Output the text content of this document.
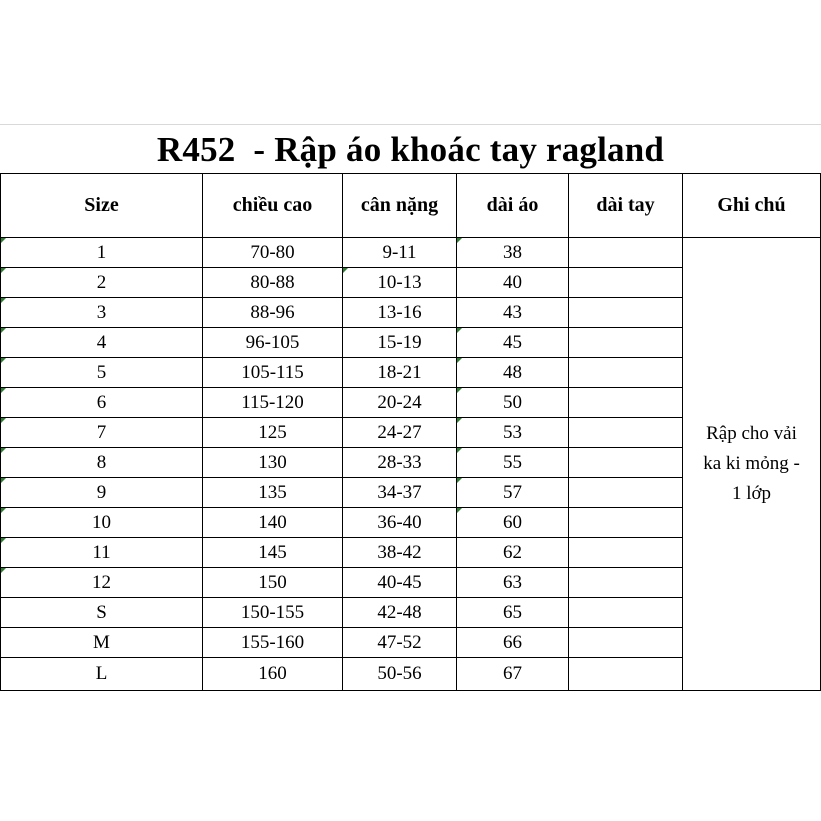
R452  - Rập áo khoác tay ragland
Size	chiều cao	cân nặng	dài áo	dài tay	Ghi chú
1	70-80	9-11	38		Rập cho vải
ka ki mỏng -
1 lớp

2	80-88	10-13	40		
3	88-96	13-16	43		
4	96-105	15-19	45	

5	105-115	18-21	48	

6	115-120	20-24	50	

7	125	24-27	53	

8	130	28-33	55	

9	135	34-37	57	

10	140	36-40	60	

11	145	38-42	62		
12	150	40-45	63		
S	150-155	42-48	65		
M	155-160	47-52	66		
L	160	50-56	67		
